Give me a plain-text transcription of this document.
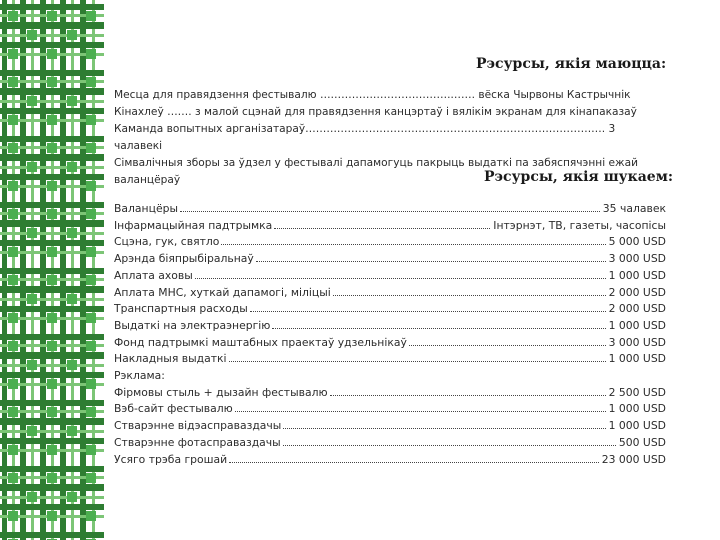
Рэсурсы, якія маюцца:

Месца для правядзення фестывалю ……………………………….……. вёска Чырвоны Кастрычнік

Кінахлеў ……. з малой сцэнай для правядзення канцэртаў і вялікім экранам для кінапаказаў

Каманда вопытных арганізатараў…………………………………………………………………………. 3 чалавекі

Сімвалічныя зборы за ўдзел у фестывалі дапамогуць пакрыць выдаткі па забяспячэнні ежай валанцёраў	Рэсурсы, якія шукаем:
Валанцёры	35 чалавек
Інфармацыйная падтрымка	Інтэрнэт, ТВ, газеты, часопісы
Сцэна, гук, святло	5 000 USD
Арэнда біяпрыбіральнаў	3 000 USD
Аплата аховы	1 000 USD
Аплата МНС, хуткай дапамогі, міліцыі	2 000 USD
Транспартныя расходы	2 000 USD
Выдаткі на электраэнергію	1 000 USD
Фонд падтрымкі маштабных праектаў удзельнікаў	3 000 USD
Накладныя выдаткі	1 000 USD
Рэклама:
Фірмовы стыль + дызайн фестывалю	2 500 USD
Вэб-сайт фестывалю	1 000 USD
Стварэнне відэасправаздачы	1 000 USD
Стварэнне фотасправаздачы	500 USD
Усяго трэба грошай	23 000 USD
